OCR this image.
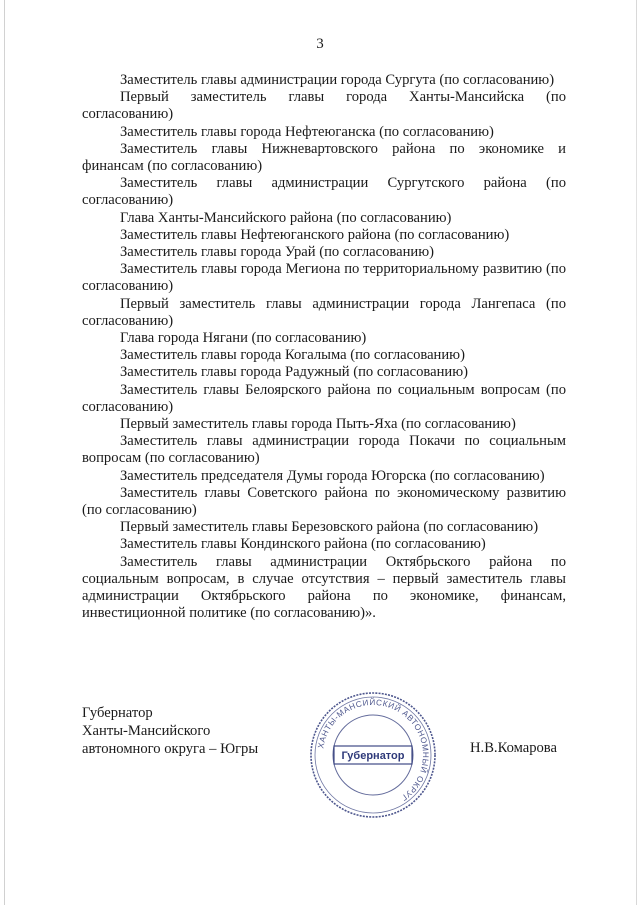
3

Заместитель главы администрации города Сургута (по согласованию)

Первый заместитель главы города Ханты-Мансийска (по согласованию)

Заместитель главы города Нефтеюганска (по согласованию)

Заместитель главы Нижневартовского района по экономике и финансам (по согласованию)

Заместитель главы администрации Сургутского района (по согласованию)

Глава Ханты-Мансийского района (по согласованию)

Заместитель главы Нефтеюганского района (по согласованию)

Заместитель главы города Урай (по согласованию)

Заместитель главы города Мегиона по территориальному развитию (по согласованию)

Первый заместитель главы администрации города Лангепаса (по согласованию)

Глава города Нягани (по согласованию)

Заместитель главы города Когалыма (по согласованию)

Заместитель главы города Радужный (по согласованию)

Заместитель главы Белоярского района по социальным вопросам (по согласованию)

Первый заместитель главы города Пыть-Яха (по согласованию)

Заместитель главы администрации города Покачи по социальным вопросам (по согласованию)

Заместитель председателя Думы города Югорска (по согласованию)

Заместитель главы Советского района по экономическому развитию (по согласованию)

Первый заместитель главы Березовского района (по согласованию)

Заместитель главы Кондинского района (по согласованию)

Заместитель главы администрации Октябрьского района по социальным вопросам, в случае отсутствия – первый заместитель главы администрации Октябрьского района по экономике, финансам, инвестиционной политике (по согласованию)».

Губернатор
Ханты-Мансийского
автономного округа – Югры	ХАНТЫ-МАНСИЙСКИЙ АВТОНОМНЫЙ ОКРУГ
Губернатор	Н.В.Комарова
